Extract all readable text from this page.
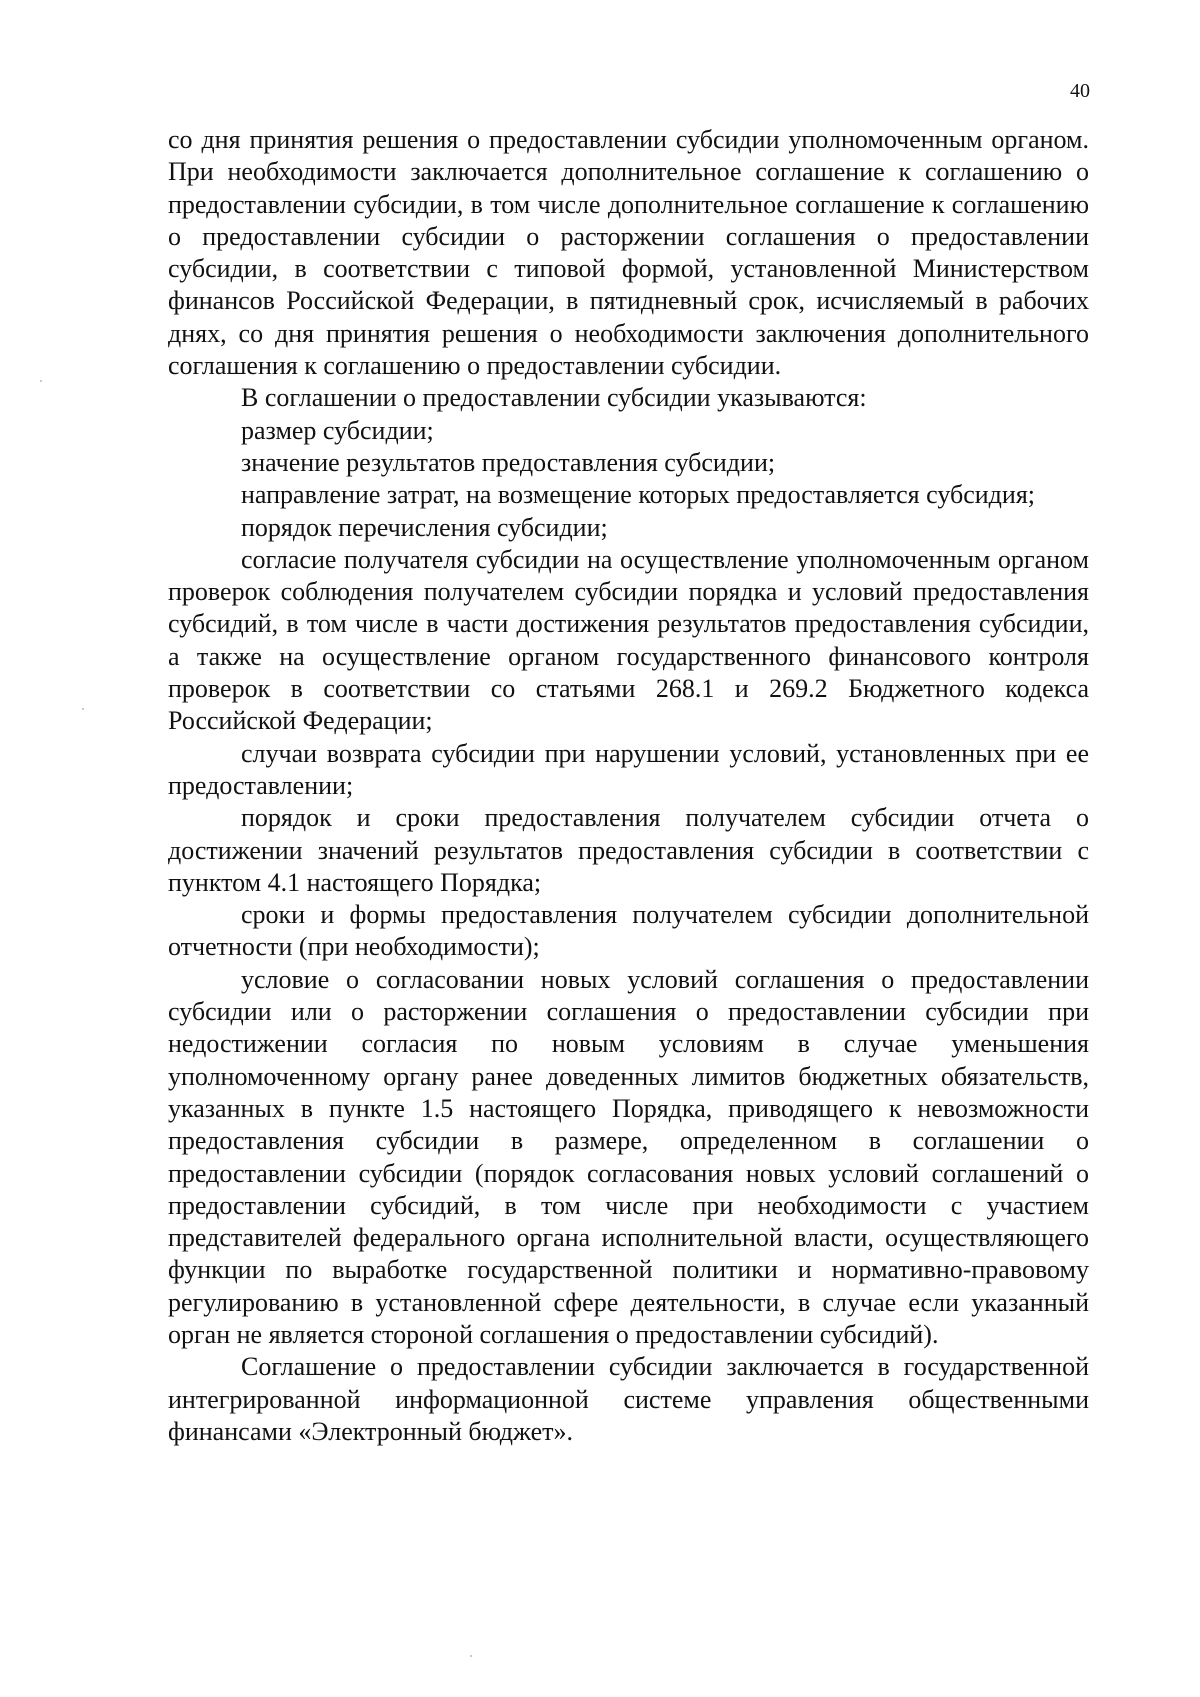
40

со дня принятия решения о предоставлении субсидии уполномоченным органом. При необходимости заключается дополнительное соглашение к соглашению о предоставлении субсидии, в том числе дополнительное соглашение к соглашению о предоставлении субсидии о расторжении соглашения о предоставлении субсидии, в соответствии с типовой формой, установленной Министерством финансов Российской Федерации, в пятидневный срок, исчисляемый в рабочих днях, со дня принятия решения о необходимости заключения дополнительного соглашения к соглашению о предоставлении субсидии.

В соглашении о предоставлении субсидии указываются:

размер субсидии;

значение результатов предоставления субсидии;

направление затрат, на возмещение которых предоставляется субсидия;

порядок перечисления субсидии;

согласие получателя субсидии на осуществление уполномоченным органом проверок соблюдения получателем субсидии порядка и условий предоставления субсидий, в том числе в части достижения результатов предоставления субсидии, а также на осуществление органом государственного финансового контроля проверок в соответствии со статьями 268.1 и 269.2 Бюджетного кодекса Российской Федерации;

случаи возврата субсидии при нарушении условий, установленных при ее предоставлении;

порядок и сроки предоставления получателем субсидии отчета о достижении значений результатов предоставления субсидии в соответствии с пунктом 4.1 настоящего Порядка;

сроки и формы предоставления получателем субсидии дополнительной отчетности (при необходимости);

условие о согласовании новых условий соглашения о предоставлении субсидии или о расторжении соглашения о предоставлении субсидии при недостижении согласия по новым условиям в случае уменьшения уполномоченному органу ранее доведенных лимитов бюджетных обязательств, указанных в пункте 1.5 настоящего Порядка, приводящего к невозможности предоставления субсидии в размере, определенном в соглашении о предоставлении субсидии (порядок согласования новых условий соглашений о предоставлении субсидий, в том числе при необходимости с участием представителей федерального органа исполнительной власти, осуществляющего функции по выработке государственной политики и нормативно-правовому регулированию в установленной сфере деятельности, в случае если указанный орган не является стороной соглашения о предоставлении субсидий).

Соглашение о предоставлении субсидии заключается в государственной интегрированной информационной системе управления общественными финансами «Электронный бюджет».
